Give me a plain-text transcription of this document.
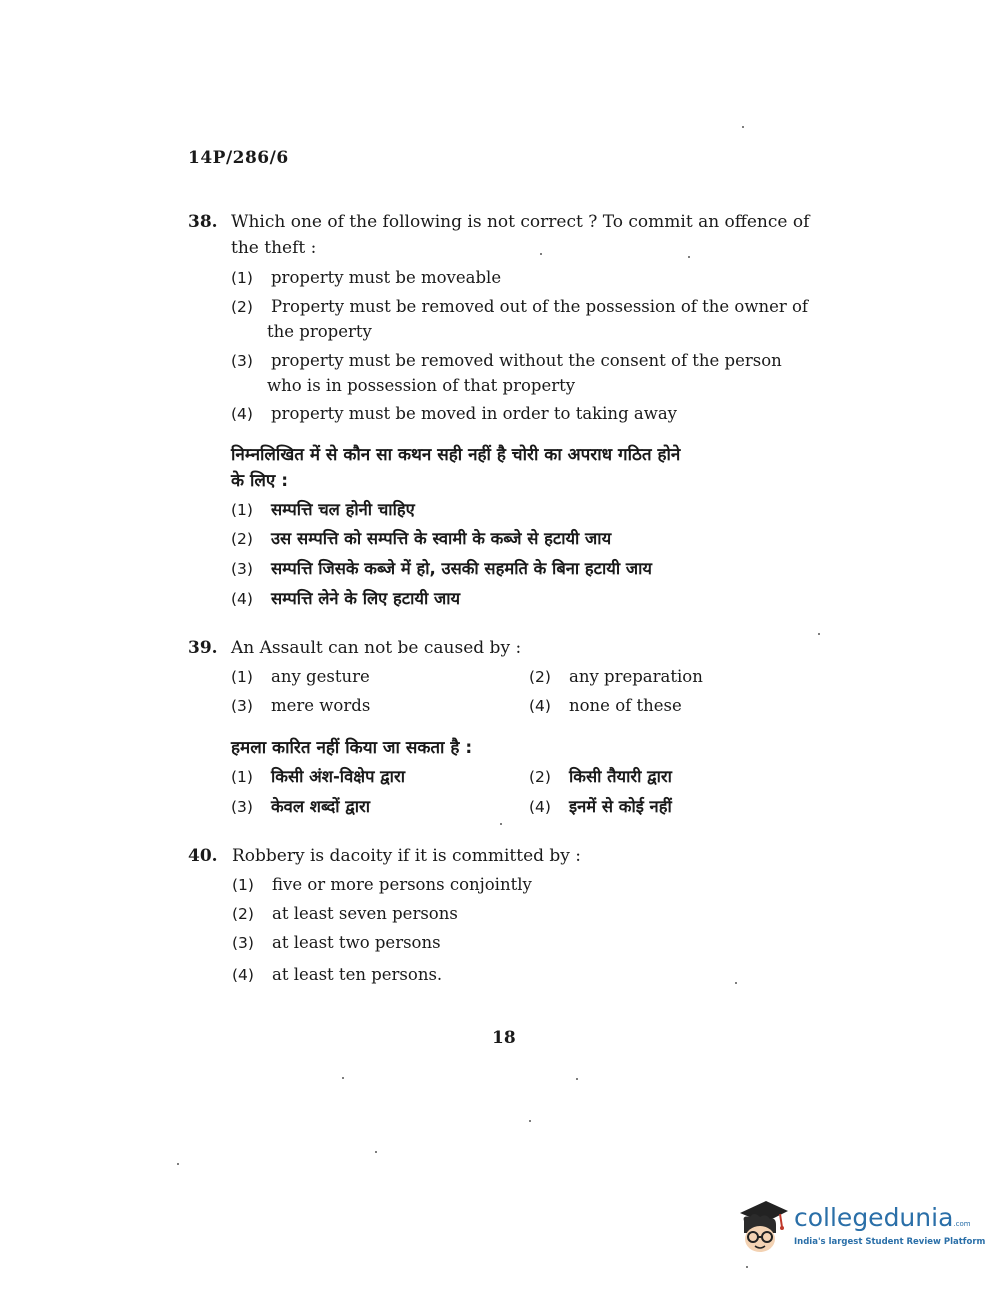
14P/286/6
38. Which one of the following is not correct ? To commit an offence of
the theft :
(1) property must be moveable
(2) Property must be removed out of the possession of the owner of
the property
(3) property must be removed without the consent of the person
who is in possession of that property
(4) property must be moved in order to taking away
निम्नलिखित में से कौन सा कथन सही नहीं है चोरी का अपराध गठित होने
के लिए :
(1) सम्पत्ति चल होनी चाहिए
(2) उस सम्पत्ति को सम्पत्ति के स्वामी के कब्जे से हटायी जाय
(3) सम्पत्ति जिसके कब्जे में हो, उसकी सहमति के बिना हटायी जाय
(4) सम्पत्ति लेने के लिए हटायी जाय
39. An Assault can not be caused by :
(1) any gesture	(2) any preparation
(3) mere words	(4) none of these
हमला कारित नहीं किया जा सकता है :
(1) किसी अंश-विक्षेप द्वारा	(2) किसी तैयारी द्वारा
(3) केवल शब्दों द्वारा	(4) इनमें से कोई नहीं
40. Robbery is dacoity if it is committed by :
(1) five or more persons conjointly
(2) at least seven persons
(3) at least two persons
(4) at least ten persons.
18
collegedunia.com
India's largest Student Review Platform
